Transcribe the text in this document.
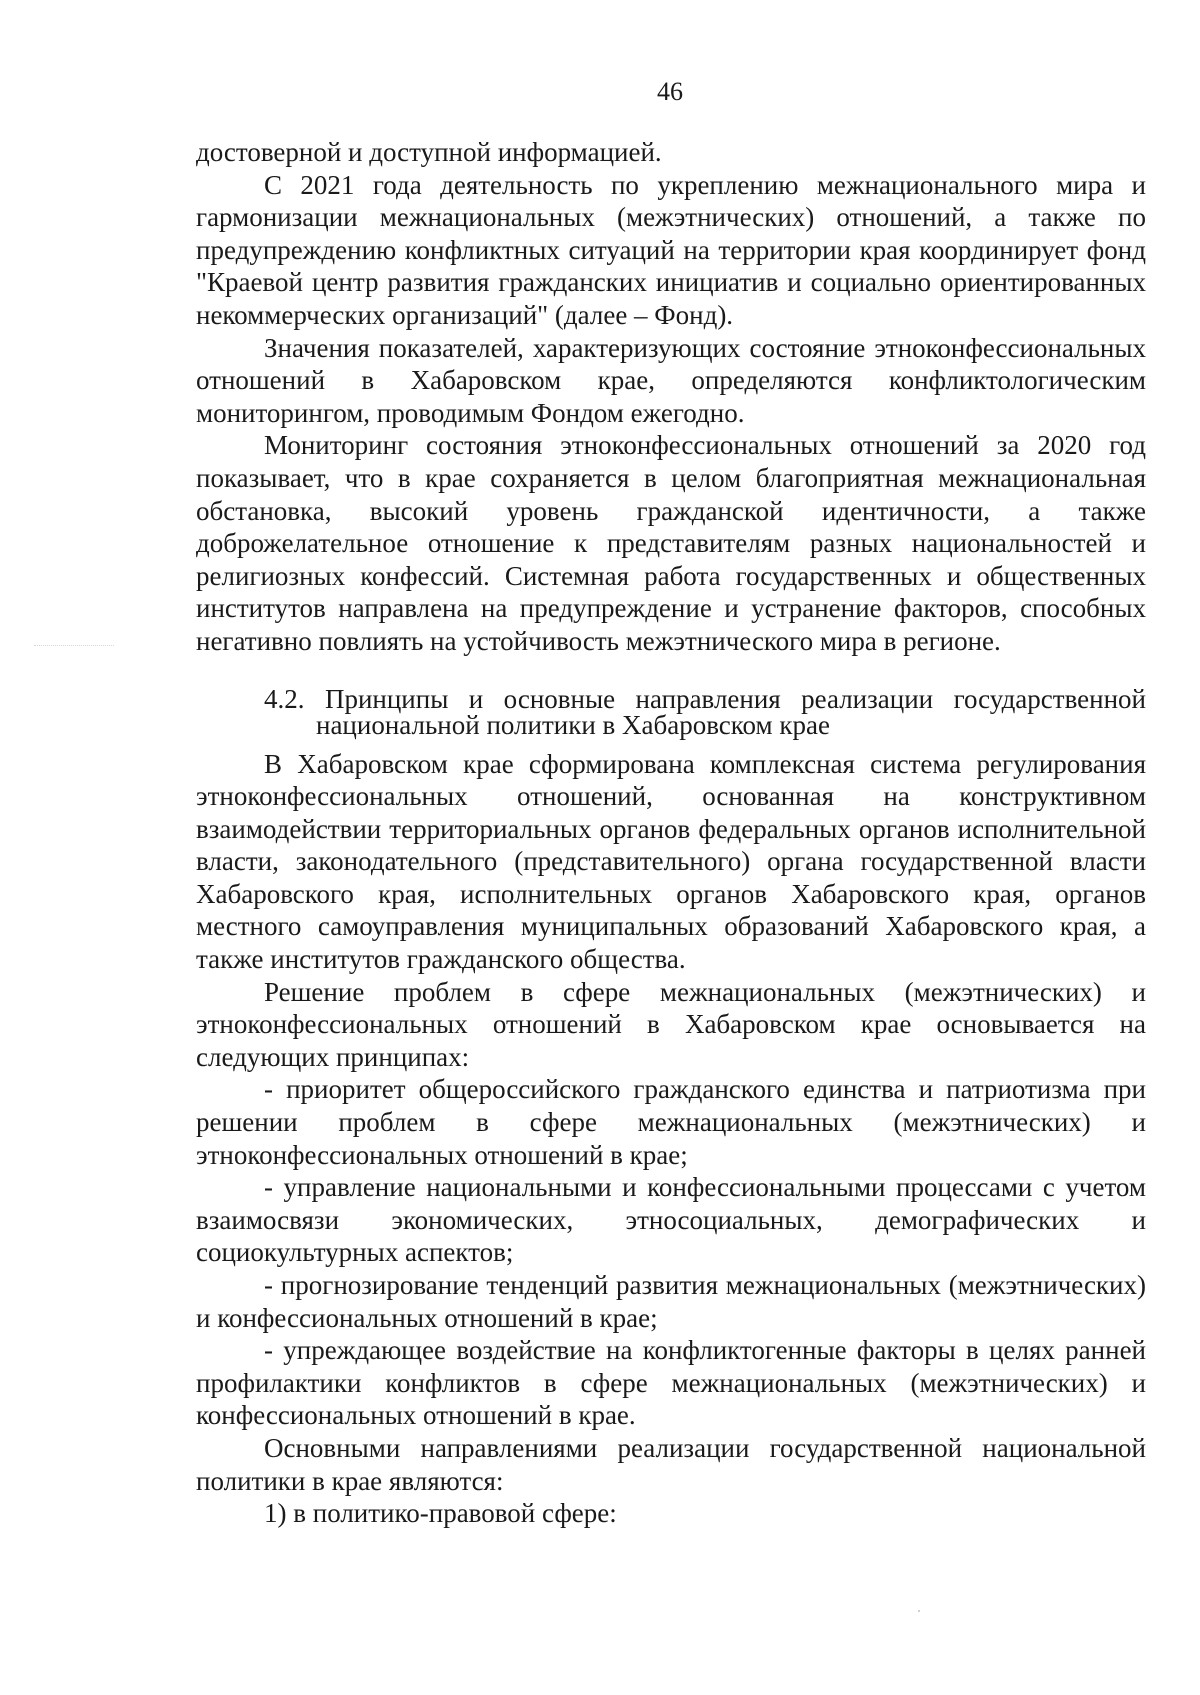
46

достоверной и доступной информацией.

С 2021 года деятельность по укреплению межнационального мира и гармонизации межнациональных (межэтнических) отношений, а также по предупреждению конфликтных ситуаций на территории края координирует фонд "Краевой центр развития гражданских инициатив и социально ориентированных некоммерческих организаций" (далее – Фонд).

Значения показателей, характеризующих состояние этноконфессиональных отношений в Хабаровском крае, определяются конфликтологическим мониторингом, проводимым Фондом ежегодно.

Мониторинг состояния этноконфессиональных отношений за 2020 год показывает, что в крае сохраняется в целом благоприятная межнациональная обстановка, высокий уровень гражданской идентичности, а также доброжелательное отношение к представителям разных национальностей и религиозных конфессий. Системная работа государственных и общественных институтов направлена на предупреждение и устранение факторов, способных негативно повлиять на устойчивость межэтнического мира в регионе.

4.2. Принципы и основные направления реализации государственной
национальной политики в Хабаровском крае

В Хабаровском крае сформирована комплексная система регулирования этноконфессиональных отношений, основанная на конструктивном взаимодействии территориальных органов федеральных органов исполнительной власти, законодательного (представительного) органа государственной власти Хабаровского края, исполнительных органов Хабаровского края, органов местного самоуправления муниципальных образований Хабаровского края, а также институтов гражданского общества.

Решение проблем в сфере межнациональных (межэтнических) и этноконфессиональных отношений в Хабаровском крае основывается на следующих принципах:

- приоритет общероссийского гражданского единства и патриотизма при решении проблем в сфере межнациональных (межэтнических) и этноконфессиональных отношений в крае;

- управление национальными и конфессиональными процессами с учетом взаимосвязи экономических, этносоциальных, демографических и социокультурных аспектов;

- прогнозирование тенденций развития межнациональных (межэтнических) и конфессиональных отношений в крае;

- упреждающее воздействие на конфликтогенные факторы в целях ранней профилактики конфликтов в сфере межнациональных (межэтнических) и конфессиональных отношений в крае.

Основными направлениями реализации государственной национальной политики в крае являются:

1) в политико-правовой сфере:
